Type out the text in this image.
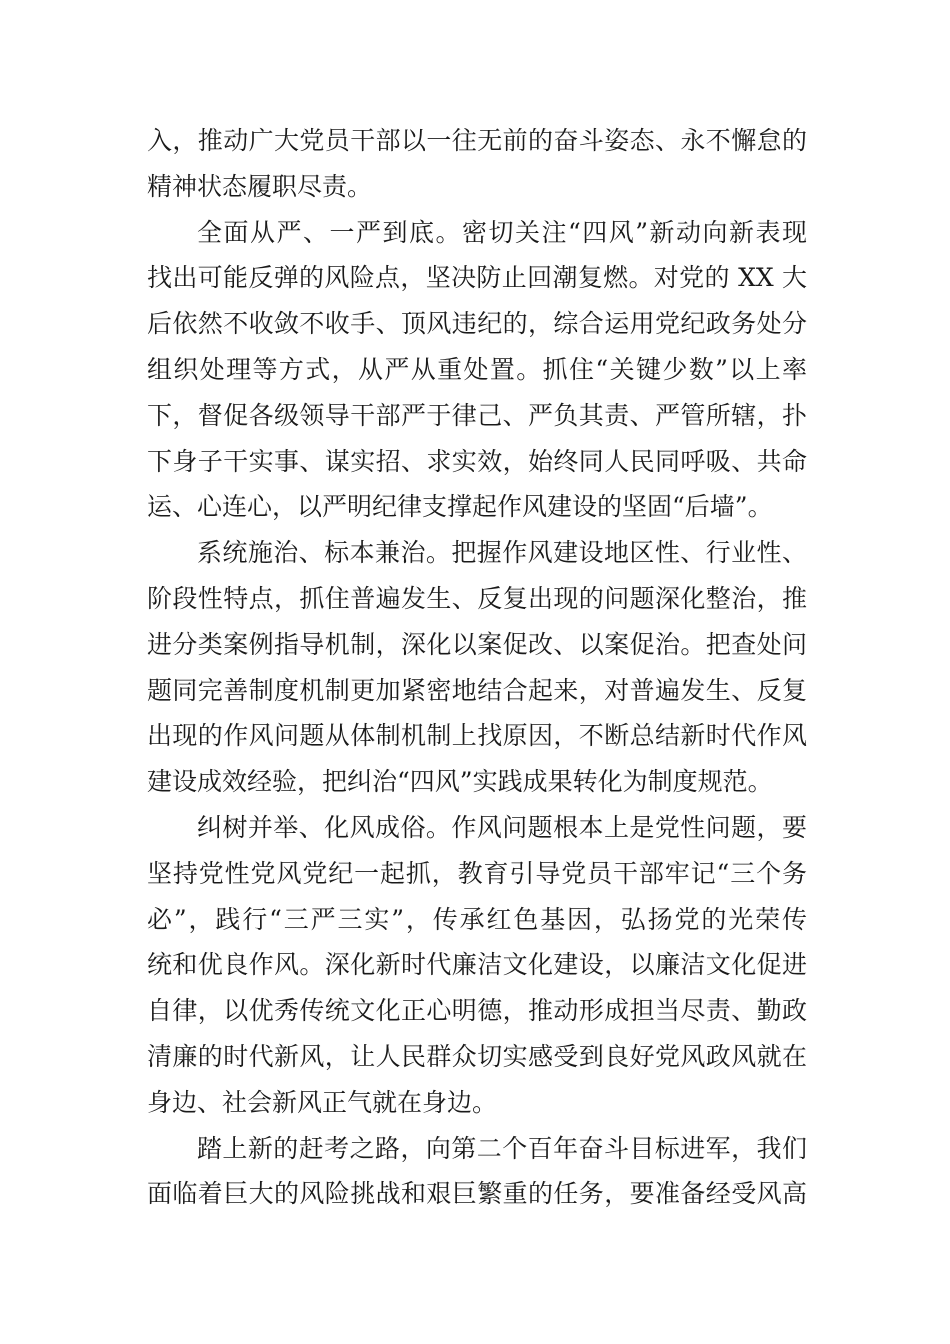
入，推动广大党员干部以一往无前的奋斗姿态、永不懈怠的
精神状态履职尽责。
全面从严、一严到底。密切关注“四风”新动向新表现
找出可能反弹的风险点，坚决防止回潮复燃。对党的 XX 大
后依然不收敛不收手、顶风违纪的，综合运用党纪政务处分
组织处理等方式，从严从重处置。抓住“关键少数”以上率
下，督促各级领导干部严于律己、严负其责、严管所辖，扑
下身子干实事、谋实招、求实效，始终同人民同呼吸、共命
运、心连心，以严明纪律支撑起作风建设的坚固“后墙”。
系统施治、标本兼治。把握作风建设地区性、行业性、
阶段性特点，抓住普遍发生、反复出现的问题深化整治，推
进分类案例指导机制，深化以案促改、以案促治。把查处问
题同完善制度机制更加紧密地结合起来，对普遍发生、反复
出现的作风问题从体制机制上找原因，不断总结新时代作风
建设成效经验，把纠治“四风”实践成果转化为制度规范。
纠树并举、化风成俗。作风问题根本上是党性问题，要
坚持党性党风党纪一起抓，教育引导党员干部牢记“三个务
必”，践行“三严三实”，传承红色基因，弘扬党的光荣传
统和优良作风。深化新时代廉洁文化建设，以廉洁文化促进
自律，以优秀传统文化正心明德，推动形成担当尽责、勤政
清廉的时代新风，让人民群众切实感受到良好党风政风就在
身边、社会新风正气就在身边。
踏上新的赶考之路，向第二个百年奋斗目标进军，我们
面临着巨大的风险挑战和艰巨繁重的任务，要准备经受风高
